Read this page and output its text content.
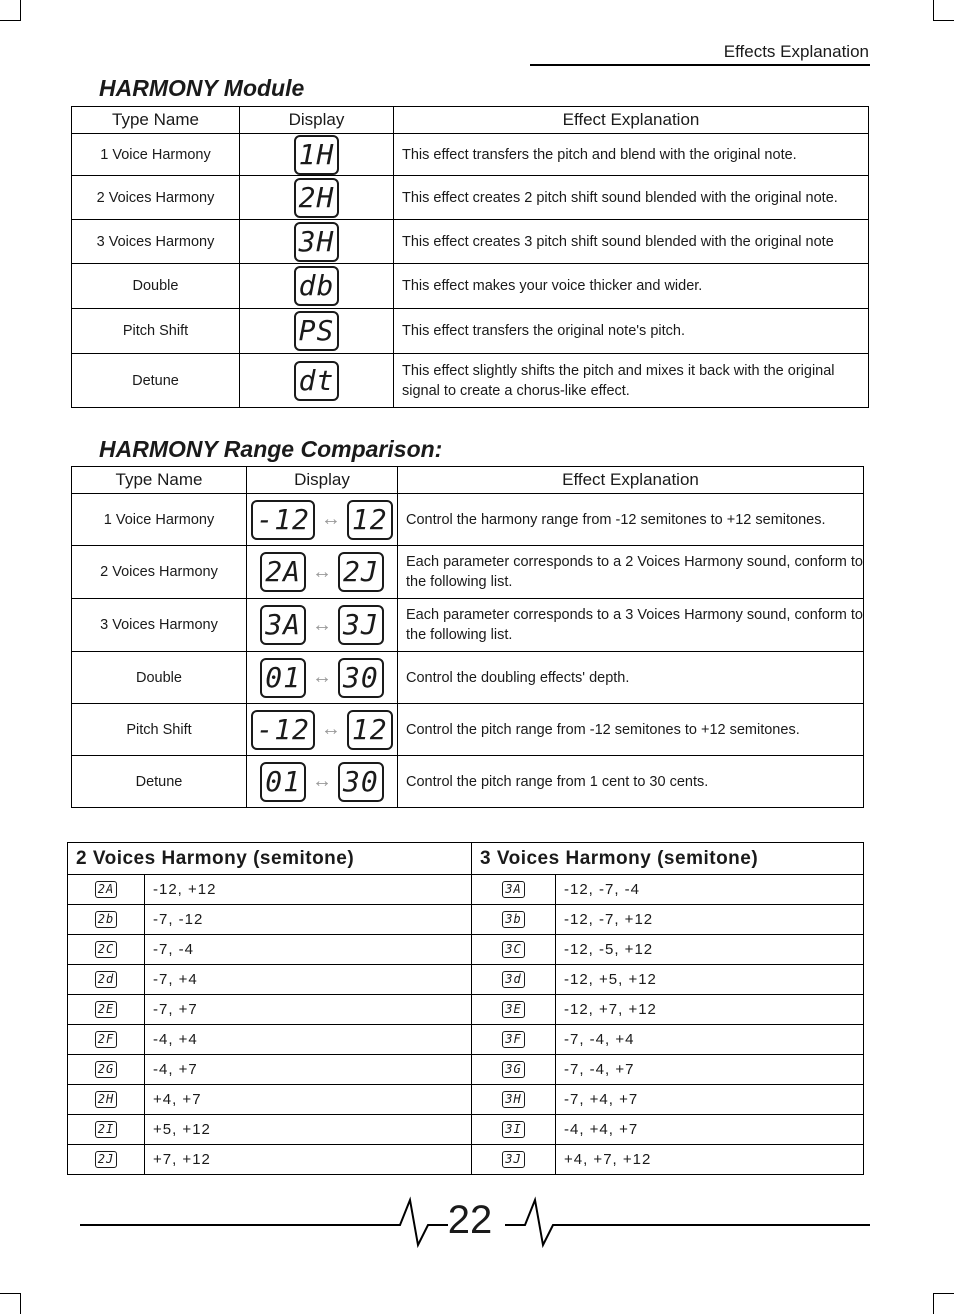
Effects Explanation
HARMONY Module
Type Name	Display	Effect Explanation
1 Voice Harmony	1H	This effect transfers the pitch and blend with the original note.
2 Voices Harmony	2H	This effect creates 2 pitch shift sound blended with the original note.
3 Voices Harmony	3H	This effect creates 3 pitch shift sound blended with the original note
Double	db	This effect makes your voice thicker and wider.
Pitch Shift	PS	This effect transfers the original note's pitch.
Detune	dt	This effect slightly shifts the pitch and mixes it back with the original signal to create a chorus-like effect.
HARMONY Range Comparison:
Type Name	Display	Effect Explanation
1 Voice Harmony	-12 ↔ 12	Control the harmony range from -12 semitones to +12 semitones.
2 Voices Harmony	2A ↔ 2J	Each parameter corresponds to a 2 Voices Harmony sound, conform to the following list.
3 Voices Harmony	3A ↔ 3J	Each parameter corresponds to a 3 Voices Harmony sound, conform to the following list.
Double	01 ↔ 30	Control the doubling effects' depth.
Pitch Shift	-12 ↔ 12	Control the pitch range from -12 semitones to +12 semitones.
Detune	01 ↔ 30	Control the pitch range from 1 cent to 30 cents.
2 Voices Harmony (semitone)		3 Voices Harmony (semitone)	
2A	-12, +12	3A	-12, -7, -4
2b	-7, -12	3b	-12, -7, +12
2C	-7, -4	3C	-12, -5, +12
2d	-7, +4	3d	-12, +5, +12
2E	-7, +7	3E	-12, +7, +12
2F	-4, +4	3F	-7, -4, +4
2G	-4, +7	3G	-7, -4, +7
2H	+4, +7	3H	-7, +4, +7
2I	+5, +12	3I	-4, +4, +7
2J	+7, +12	3J	+4, +7, +12
22
